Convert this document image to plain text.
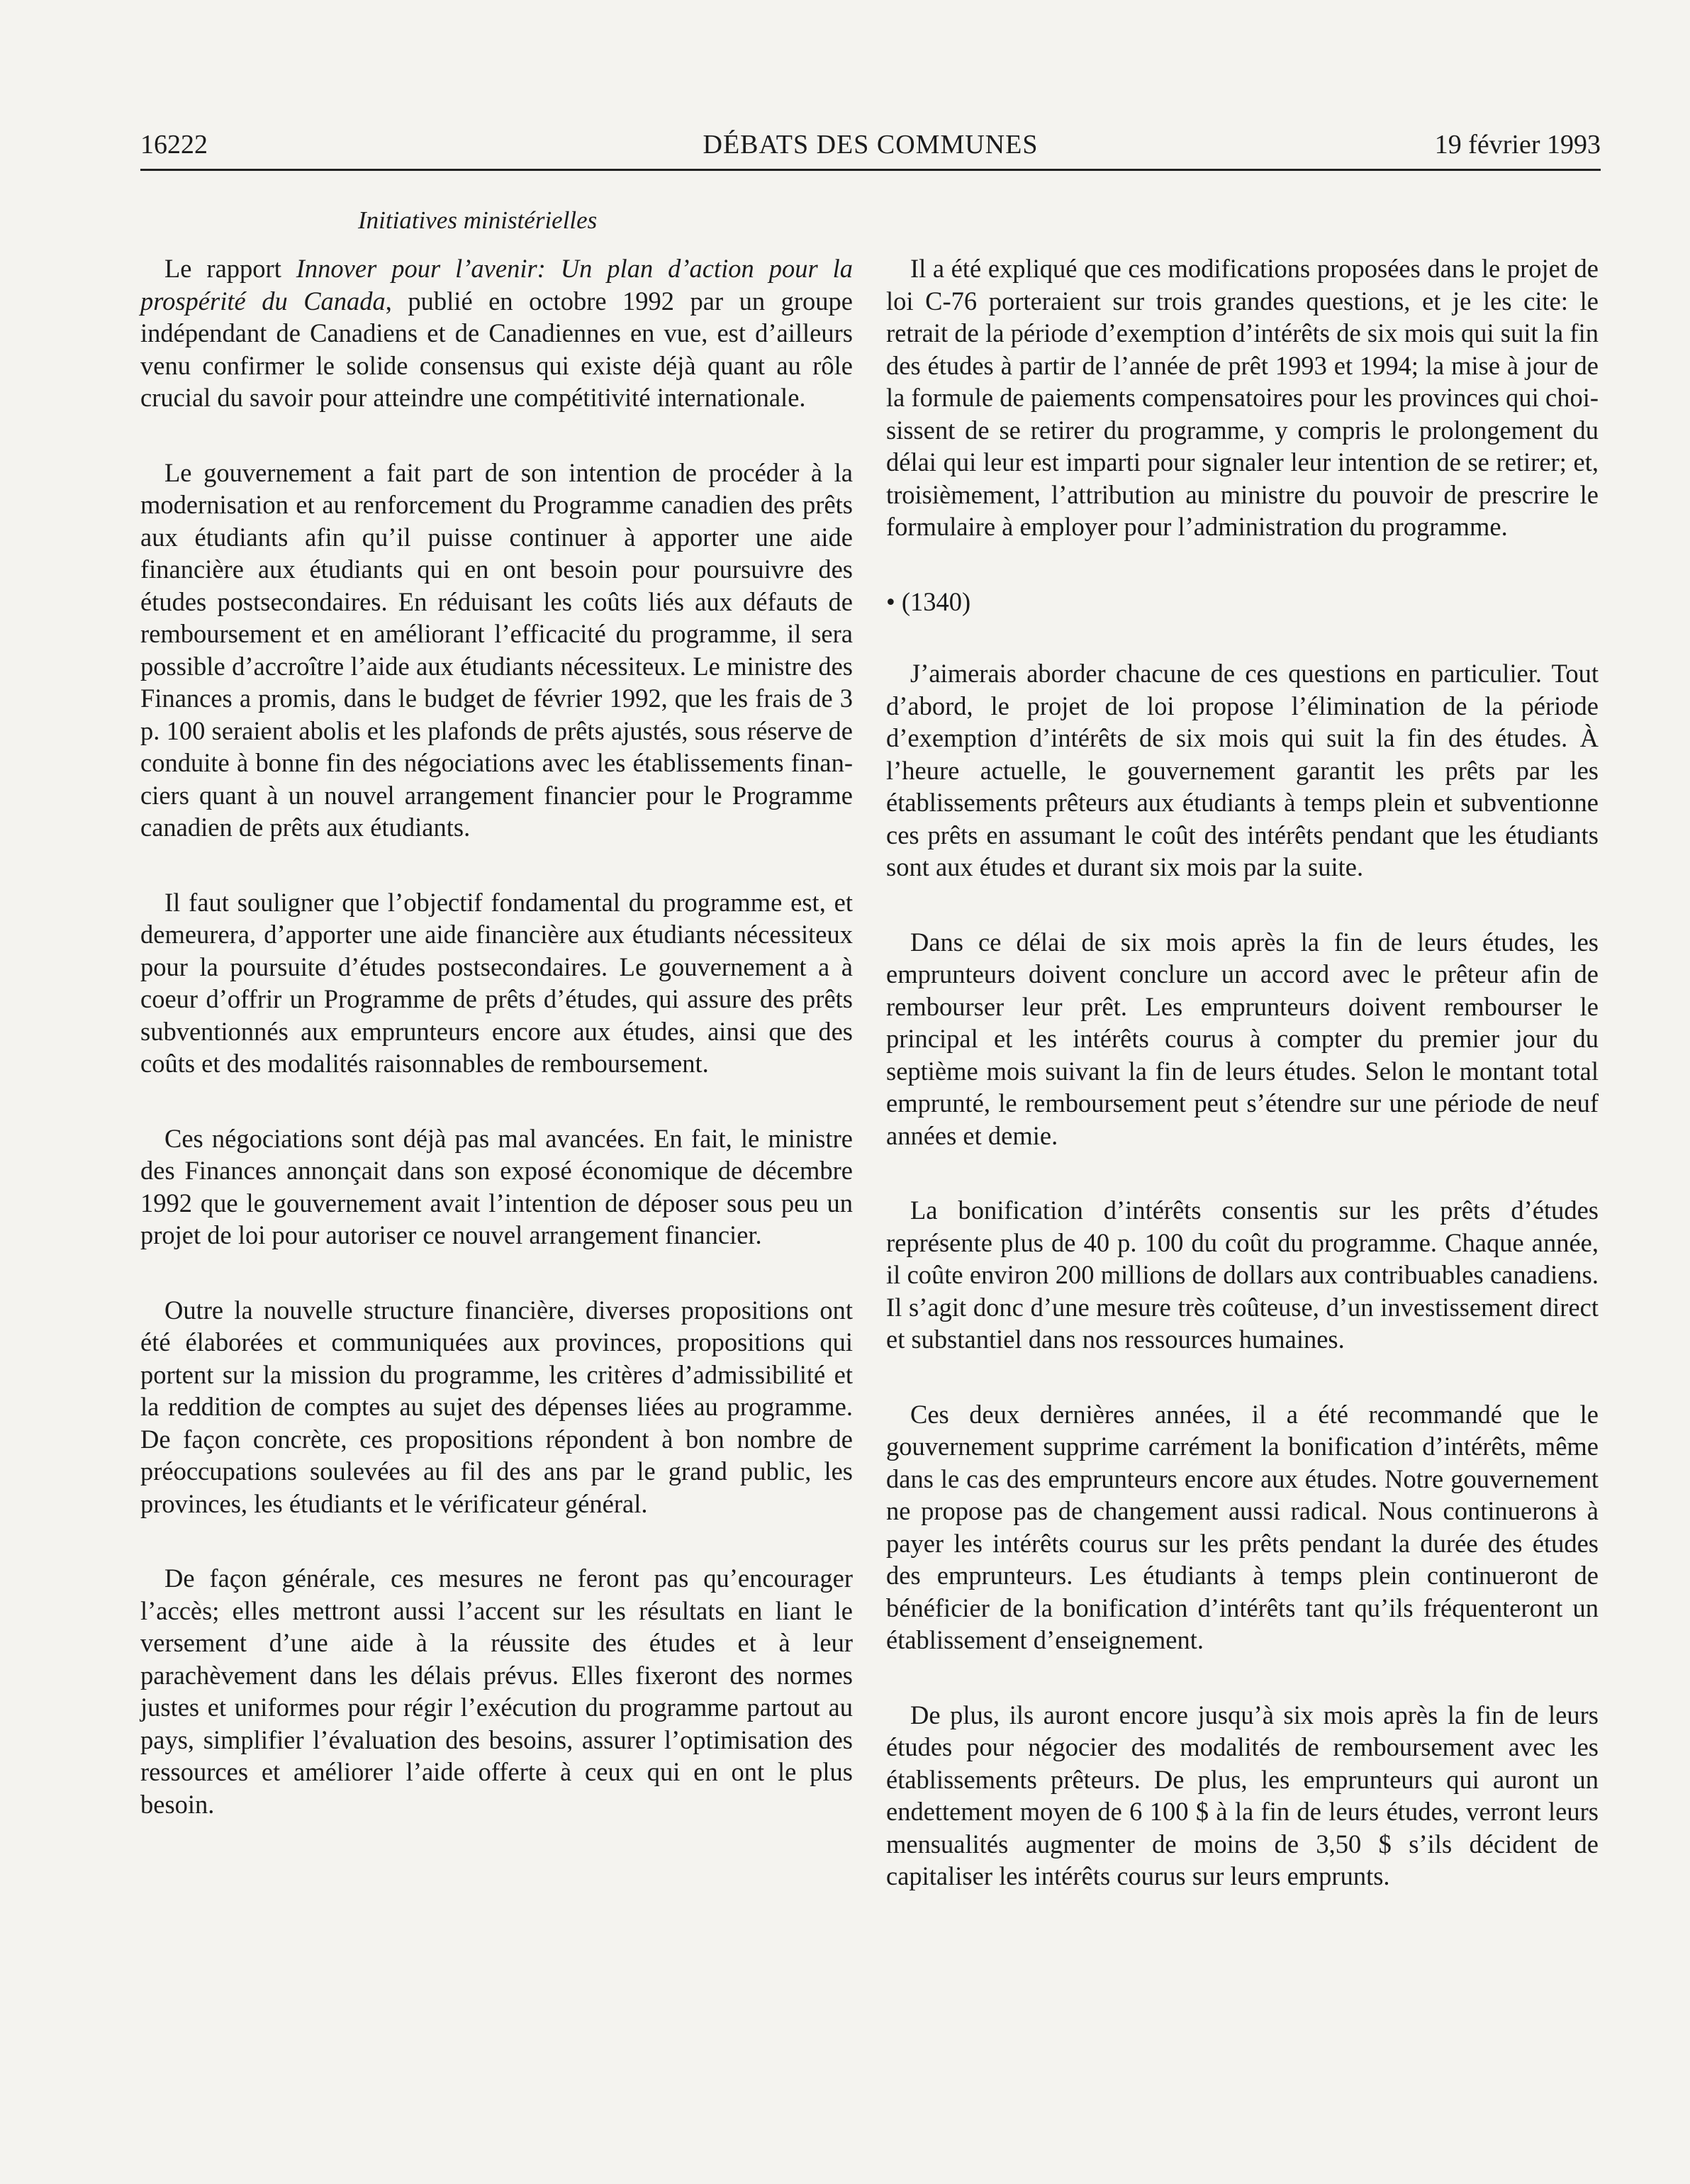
16222	DÉBATS DES COMMUNES	19 février 1993
Initiatives ministérielles

Le rapport Innover pour l’avenir: Un plan d’action pour la prospérité du Canada, publié en octobre 1992 par un groupe indépendant de Canadiens et de Canadiennes en vue, est d’ailleurs venu confirmer le solide consensus qui existe déjà quant au rôle crucial du savoir pour atteindre une compétitivité internationale.

Le gouvernement a fait part de son intention de procéder à la modernisation et au renforcement du Programme canadien des prêts aux étudiants afin qu’il puisse continuer à apporter une aide financière aux étudiants qui en ont besoin pour poursuivre des études postsecondaires. En réduisant les coûts liés aux défauts de remboursement et en améliorant l’efficacité du programme, il sera possible d’accroître l’aide aux étudiants nécessiteux. Le ministre des Finances a promis, dans le budget de février 1992, que les frais de 3 p. 100 seraient abolis et les plafonds de prêts ajustés, sous réserve de conduite à bonne fin des négociations avec les établissements financiers quant à un nouvel arrangement financier pour le Programme canadien de prêts aux étudiants.

Il faut souligner que l’objectif fondamental du programme est, et demeurera, d’apporter une aide financière aux étudiants nécessiteux pour la poursuite d’études postsecondaires. Le gouvernement a à coeur d’offrir un Programme de prêts d’études, qui assure des prêts subventionnés aux emprunteurs encore aux études, ainsi que des coûts et des modalités raisonnables de remboursement.

Ces négociations sont déjà pas mal avancées. En fait, le ministre des Finances annonçait dans son exposé économique de décembre 1992 que le gouvernement avait l’intention de déposer sous peu un projet de loi pour autoriser ce nouvel arrangement financier.

Outre la nouvelle structure financière, diverses propositions ont été élaborées et communiquées aux provinces, propositions qui portent sur la mission du programme, les critères d’admissibilité et la reddition de comptes au sujet des dépenses liées au programme. De façon concrète, ces propositions répondent à bon nombre de préoccupations soulevées au fil des ans par le grand public, les provinces, les étudiants et le vérificateur général.

De façon générale, ces mesures ne feront pas qu’encourager l’accès; elles mettront aussi l’accent sur les résultats en liant le versement d’une aide à la réussite des études et à leur parachèvement dans les délais prévus. Elles fixeront des normes justes et uniformes pour régir l’exécution du programme partout au pays, simplifier l’évaluation des besoins, assurer l’optimisation des ressources et améliorer l’aide offerte à ceux qui en ont le plus besoin.

Il a été expliqué que ces modifications proposées dans le projet de loi C-76 porteraient sur trois grandes questions, et je les cite: le retrait de la période d’exemption d’intérêts de six mois qui suit la fin des études à partir de l’année de prêt 1993 et 1994; la mise à jour de la formule de paiements compensatoires pour les provinces qui choisissent de se retirer du programme, y compris le prolongement du délai qui leur est imparti pour signaler leur intention de se retirer; et, troisièmement, l’attribution au ministre du pouvoir de prescrire le formulaire à employer pour l’administration du programme.

• (1340)

J’aimerais aborder chacune de ces questions en particulier. Tout d’abord, le projet de loi propose l’élimination de la période d’exemption d’intérêts de six mois qui suit la fin des études. À l’heure actuelle, le gouvernement garantit les prêts par les établissements prêteurs aux étudiants à temps plein et subventionne ces prêts en assumant le coût des intérêts pendant que les étudiants sont aux études et durant six mois par la suite.

Dans ce délai de six mois après la fin de leurs études, les emprunteurs doivent conclure un accord avec le prêteur afin de rembourser leur prêt. Les emprunteurs doivent rembourser le principal et les intérêts courus à compter du premier jour du septième mois suivant la fin de leurs études. Selon le montant total emprunté, le remboursement peut s’étendre sur une période de neuf années et demie.

La bonification d’intérêts consentis sur les prêts d’études représente plus de 40 p. 100 du coût du programme. Chaque année, il coûte environ 200 millions de dollars aux contribuables canadiens. Il s’agit donc d’une mesure très coûteuse, d’un investissement direct et substantiel dans nos ressources humaines.

Ces deux dernières années, il a été recommandé que le gouvernement supprime carrément la bonification d’intérêts, même dans le cas des emprunteurs encore aux études. Notre gouvernement ne propose pas de changement aussi radical. Nous continuerons à payer les intérêts courus sur les prêts pendant la durée des études des emprunteurs. Les étudiants à temps plein continueront de bénéficier de la bonification d’intérêts tant qu’ils fréquenteront un établissement d’enseignement.

De plus, ils auront encore jusqu’à six mois après la fin de leurs études pour négocier des modalités de remboursement avec les établissements prêteurs. De plus, les emprunteurs qui auront un endettement moyen de 6 100 $ à la fin de leurs études, verront leurs mensualités augmenter de moins de 3,50 $ s’ils décident de capitaliser les intérêts courus sur leurs emprunts.
